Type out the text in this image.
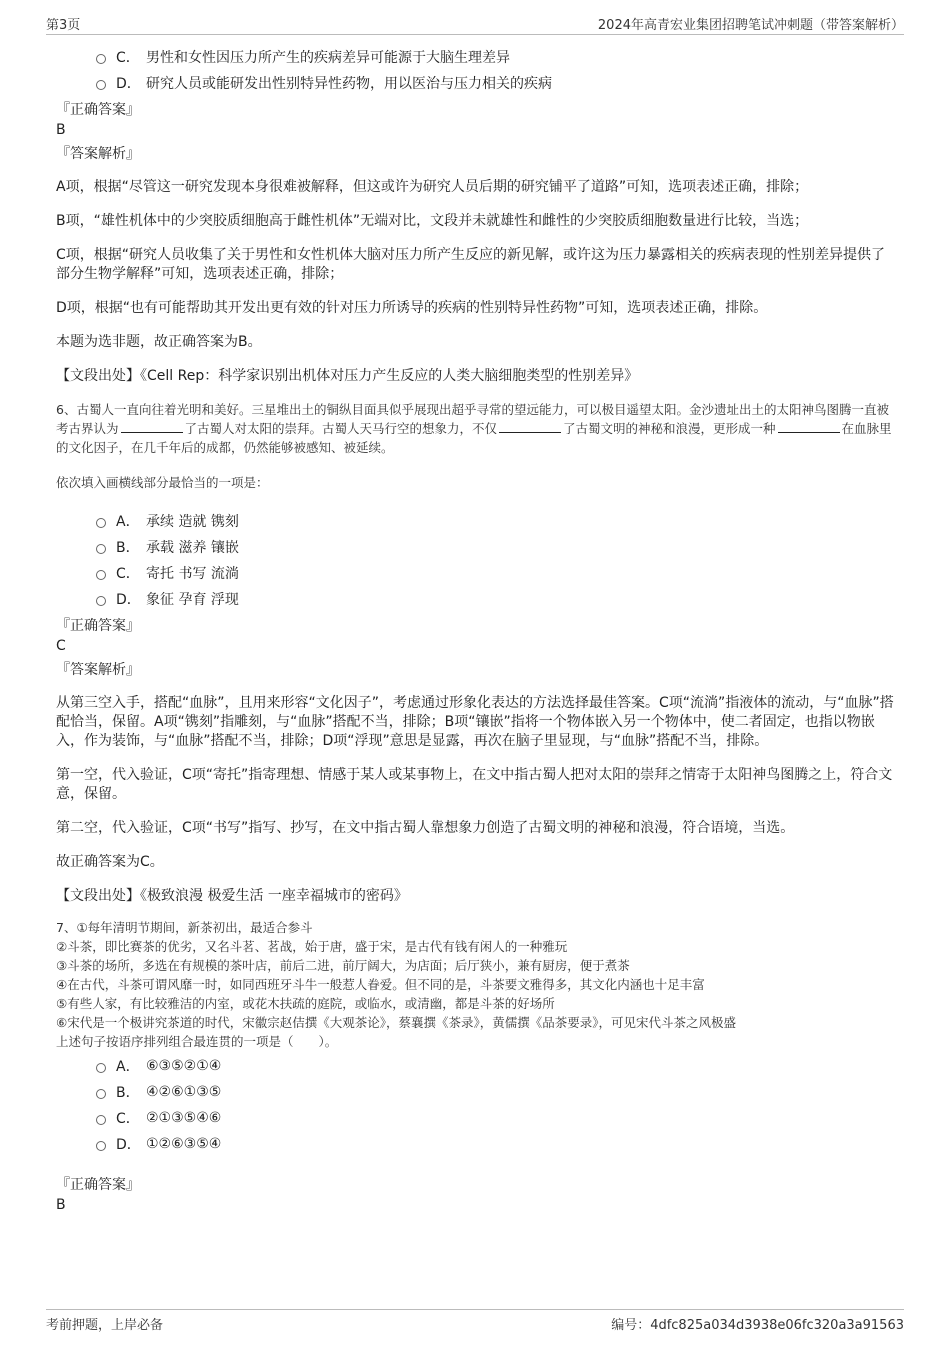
第3页	2024年高青宏业集团招聘笔试冲刺题（带答案解析）
C． 男性和女性因压力所产生的疾病差异可能源于大脑生理差异
D． 研究人员或能研发出性别特异性药物，用以医治与压力相关的疾病

『正确答案』

B

『答案解析』

A项，根据“尽管这一研究发现本身很难被解释，但这或许为研究人员后期的研究铺平了道路”可知，选项表述正确，排除；

B项，“雄性机体中的少突胶质细胞高于雌性机体”无端对比，文段并未就雄性和雌性的少突胶质细胞数量进行比较，当选；

C项，根据“研究人员收集了关于男性和女性机体大脑对压力所产生反应的新见解，或许这为压力暴露相关的疾病表现的性别差异提供了部分生物学解释”可知，选项表述正确，排除；

D项，根据“也有可能帮助其开发出更有效的针对压力所诱导的疾病的性别特异性药物”可知，选项表述正确，排除。

本题为选非题，故正确答案为B。

【文段出处】《Cell Rep：科学家识别出机体对压力产生反应的人类大脑细胞类型的性别差异》

6、古蜀人一直向往着光明和美好。三星堆出土的铜纵目面具似乎展现出超乎寻常的望远能力，可以极目遥望太阳。金沙遗址出土的太阳神鸟图腾一直被考古界认为	了古蜀人对太阳的崇拜。古蜀人天马行空的想象力，不仅	了古蜀文明的神秘和浪漫，更形成一种	在血脉里的文化因子，在几千年后的成都，仍然能够被感知、被延续。

依次填入画横线部分最恰当的一项是：

A． 承续 造就 镌刻
B． 承载 滋养 镶嵌
C． 寄托 书写 流淌
D． 象征 孕育 浮现

『正确答案』

C

『答案解析』

从第三空入手，搭配“血脉”，且用来形容“文化因子”，考虑通过形象化表达的方法选择最佳答案。C项“流淌”指液体的流动，与“血脉”搭配恰当，保留。A项“镌刻”指雕刻，与“血脉”搭配不当，排除；B项“镶嵌”指将一个物体嵌入另一个物体中，使二者固定，也指以物嵌入，作为装饰，与“血脉”搭配不当，排除；D项“浮现”意思是显露，再次在脑子里显现，与“血脉”搭配不当，排除。

第一空，代入验证，C项“寄托”指寄理想、情感于某人或某事物上，在文中指古蜀人把对太阳的崇拜之情寄于太阳神鸟图腾之上，符合文意，保留。

第二空，代入验证，C项“书写”指写、抄写，在文中指古蜀人靠想象力创造了古蜀文明的神秘和浪漫，符合语境，当选。

故正确答案为C。

【文段出处】《极致浪漫 极爱生活 一座幸福城市的密码》

7、①每年清明节期间，新茶初出，最适合参斗

②斗茶，即比赛茶的优劣，又名斗茗、茗战，始于唐，盛于宋，是古代有钱有闲人的一种雅玩

③斗茶的场所，多选在有规模的茶叶店，前后二进，前厅阔大，为店面；后厅狭小，兼有厨房，便于煮茶

④在古代，斗茶可谓风靡一时，如同西班牙斗牛一般惹人眷爱。但不同的是，斗茶要文雅得多，其文化内涵也十足丰富

⑤有些人家，有比较雅洁的内室，或花木扶疏的庭院，或临水，或清幽，都是斗茶的好场所

⑥宋代是一个极讲究茶道的时代，宋徽宗赵佶撰《大观茶论》，蔡襄撰《茶录》，黄儒撰《品茶要录》，可见宋代斗茶之风极盛

上述句子按语序排列组合最连贯的一项是（　　）。

A． ⑥③⑤②①④
B． ④②⑥①③⑤
C． ②①③⑤④⑥
D． ①②⑥③⑤④

『正确答案』

B

考前押题，上岸必备	编号：4dfc825a034d3938e06fc320a3a91563
